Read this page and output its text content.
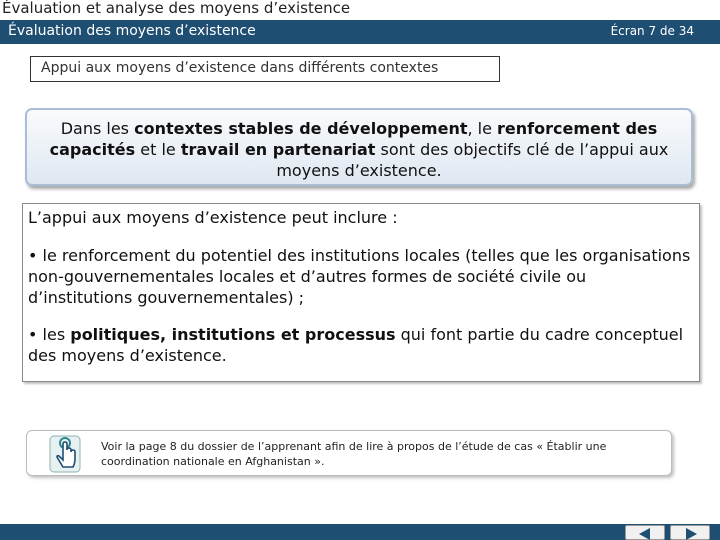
Évaluation et analyse des moyens d’existence
Évaluation des moyens d’existence	Écran 7 de 34
Appui aux moyens d’existence dans différents contextes
Dans les contextes stables de développement, le renforcement des capacités et le travail en partenariat sont des objectifs clé de l’appui aux moyens d’existence.

L’appui aux moyens d’existence peut inclure :

• le renforcement du potentiel des institutions locales (telles que les organisations non-gouvernementales locales et d’autres formes de société civile ou d’institutions gouvernementales) ;

• les politiques, institutions et processus qui font partie du cadre conceptuel des moyens d’existence.

Voir la page 8 du dossier de l’apprenant afin de lire à propos de l’étude de cas « Établir une coordination nationale en Afghanistan ».
